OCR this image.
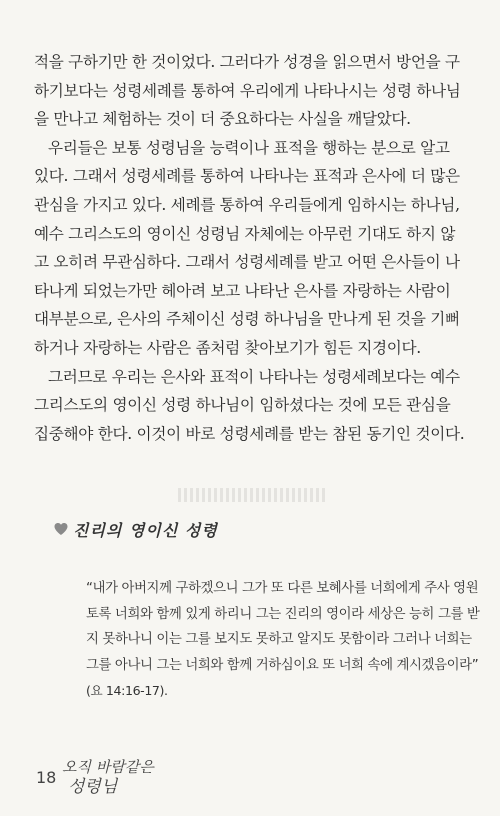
적을 구하기만 한 것이었다. 그러다가 성경을 읽으면서 방언을 구
하기보다는 성령세례를 통하여 우리에게 나타나시는 성령 하나님
을 만나고 체험하는 것이 더 중요하다는 사실을 깨달았다.
우리들은 보통 성령님을 능력이나 표적을 행하는 분으로 알고
있다. 그래서 성령세례를 통하여 나타나는 표적과 은사에 더 많은
관심을 가지고 있다. 세례를 통하여 우리들에게 임하시는 하나님,
예수 그리스도의 영이신 성령님 자체에는 아무런 기대도 하지 않
고 오히려 무관심하다. 그래서 성령세례를 받고 어떤 은사들이 나
타나게 되었는가만 헤아려 보고 나타난 은사를 자랑하는 사람이
대부분으로, 은사의 주체이신 성령 하나님을 만나게 된 것을 기뻐
하거나 자랑하는 사람은 좀처럼 찾아보기가 힘든 지경이다.
그러므로 우리는 은사와 표적이 나타나는 성령세례보다는 예수
그리스도의 영이신 성령 하나님이 임하셨다는 것에 모든 관심을
집중해야 한다. 이것이 바로 성령세례를 받는 참된 동기인 것이다.
진리의 영이신 성령
“내가 아버지께 구하겠으니 그가 또 다른 보혜사를 너희에게 주사 영원
토록 너희와 함께 있게 하리니 그는 진리의 영이라 세상은 능히 그를 받
지 못하나니 이는 그를 보지도 못하고 알지도 못함이라 그러나 너희는
그를 아나니 그는 너희와 함께 거하심이요 또 너희 속에 계시겠음이라”
(요 14:16-17).
18
오직 바람같은
성령님
